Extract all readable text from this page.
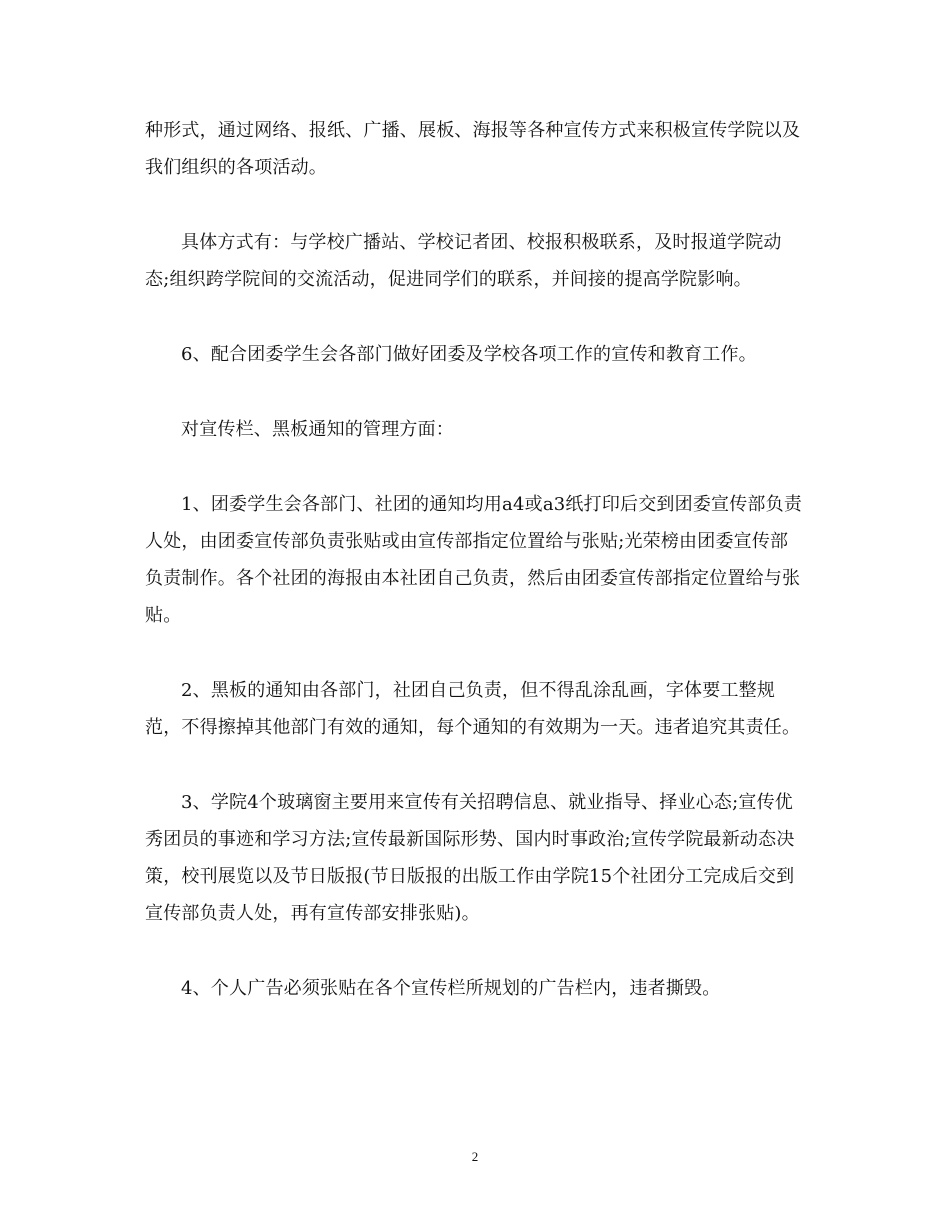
种形式，通过网络、报纸、广播、展板、海报等各种宣传方式来积极宣传学院以及我们组织的各项活动。

具体方式有：与学校广播站、学校记者团、校报积极联系，及时报道学院动态;组织跨学院间的交流活动，促进同学们的联系，并间接的提高学院影响。

6、配合团委学生会各部门做好团委及学校各项工作的宣传和教育工作。

对宣传栏、黑板通知的管理方面：

1、团委学生会各部门、社团的通知均用a4或a3纸打印后交到团委宣传部负责人处，由团委宣传部负责张贴或由宣传部指定位置给与张贴;光荣榜由团委宣传部负责制作。各个社团的海报由本社团自己负责，然后由团委宣传部指定位置给与张贴。

2、黑板的通知由各部门，社团自己负责，但不得乱涂乱画，字体要工整规范，不得擦掉其他部门有效的通知，每个通知的有效期为一天。违者追究其责任。

3、学院4个玻璃窗主要用来宣传有关招聘信息、就业指导、择业心态;宣传优秀团员的事迹和学习方法;宣传最新国际形势、国内时事政治;宣传学院最新动态决策，校刊展览以及节日版报(节日版报的出版工作由学院15个社团分工完成后交到宣传部负责人处，再有宣传部安排张贴)。

4、个人广告必须张贴在各个宣传栏所规划的广告栏内，违者撕毁。

2
